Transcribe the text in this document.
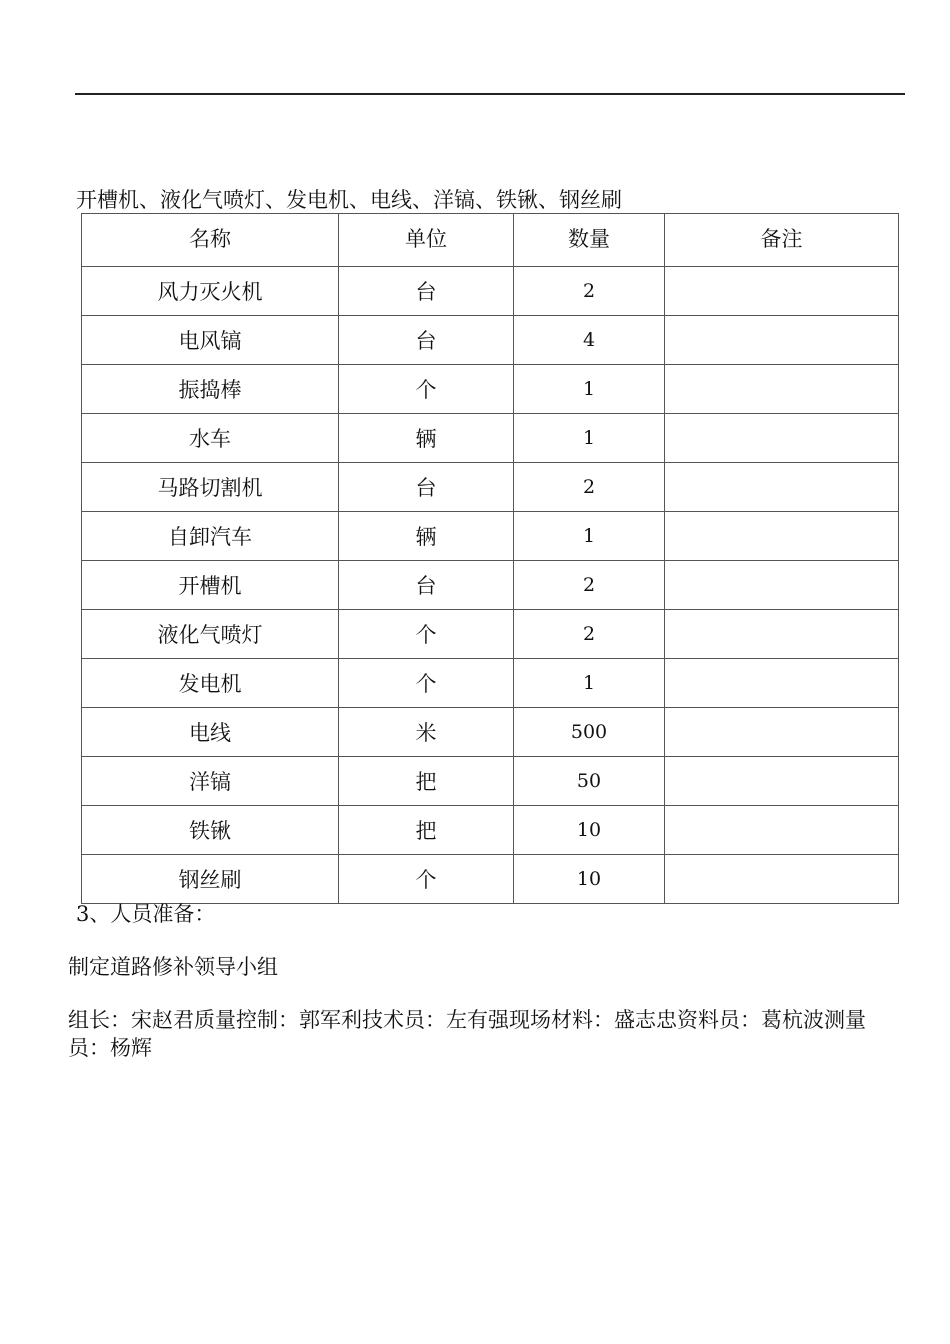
开槽机、液化气喷灯、发电机、电线、洋镐、铁锹、钢丝刷
名称	单位	数量	备注
风力灭火机	台	2	
电风镐	台	4	
振捣棒	个	1	
水车	辆	1	
马路切割机	台	2	
自卸汽车	辆	1	
开槽机	台	2	
液化气喷灯	个	2	
发电机	个	1	
电线	米	500	
洋镐	把	50	
铁锹	把	10	
钢丝刷	个	10	
3、人员准备：
制定道路修补领导小组
组长：宋赵君质量控制：郭军利技术员：左有强现场材料：盛志忠资料员：葛杭波测量员：杨辉
